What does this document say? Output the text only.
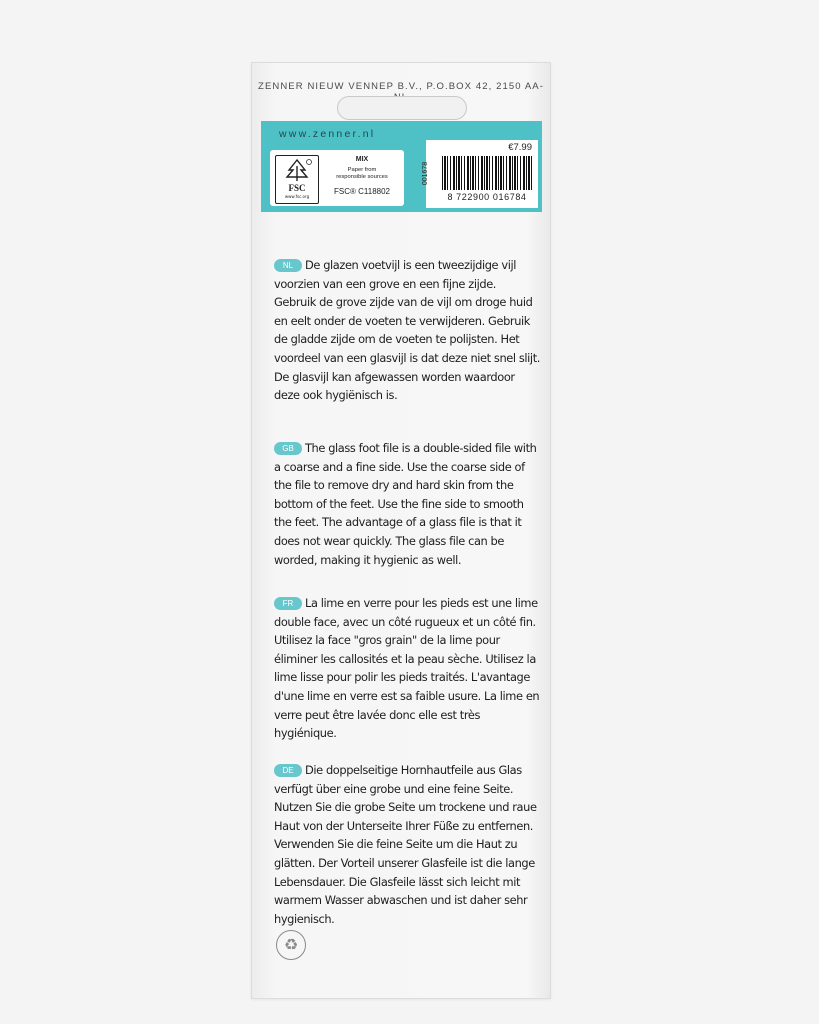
ZENNER NIEUW VENNEP B.V., P.O.BOX 42, 2150 AA-
www.zenner.nl
FSC
www.fsc.org
MIX
Paper from
responsible sources
FSC® C118802
€7.99
001678
8 722900 016784
NL De glazen voetvijl is een tweezijdige vijl voorzien van een grove en een fijne zijde. Gebruik de grove zijde van de vijl om droge huid en eelt onder de voeten te verwijderen. Gebruik de gladde zijde om de voeten te polijsten. Het voordeel van een glasvijl is dat deze niet snel slijt. De glasvijl kan afgewassen worden waardoor deze ook hygiënisch is.
GB The glass foot file is a double-sided file with a coarse and a fine side. Use the coarse side of the file to remove dry and hard skin from the bottom of the feet. Use the fine side to smooth the feet. The advantage of a glass file is that it does not wear quickly. The glass file can be worded, making it hygienic as well.
FR La lime en verre pour les pieds est une lime double face, avec un côté rugueux et un côté fin. Utilisez la face "gros grain" de la lime pour éliminer les callosités et la peau sèche. Utilisez la lime lisse pour polir les pieds traités. L'avantage d'une lime en verre est sa faible usure. La lime en verre peut être lavée donc elle est très hygiénique.
DE Die doppelseitige Hornhautfeile aus Glas verfügt über eine grobe und eine feine Seite. Nutzen Sie die grobe Seite um trockene und raue Haut von der Unterseite Ihrer Füße zu entfernen. Verwenden Sie die feine Seite um die Haut zu glätten. Der Vorteil unserer Glasfeile ist die lange Lebensdauer. Die Glasfeile lässt sich leicht mit warmem Wasser abwaschen und ist daher sehr hygienisch.
♻
